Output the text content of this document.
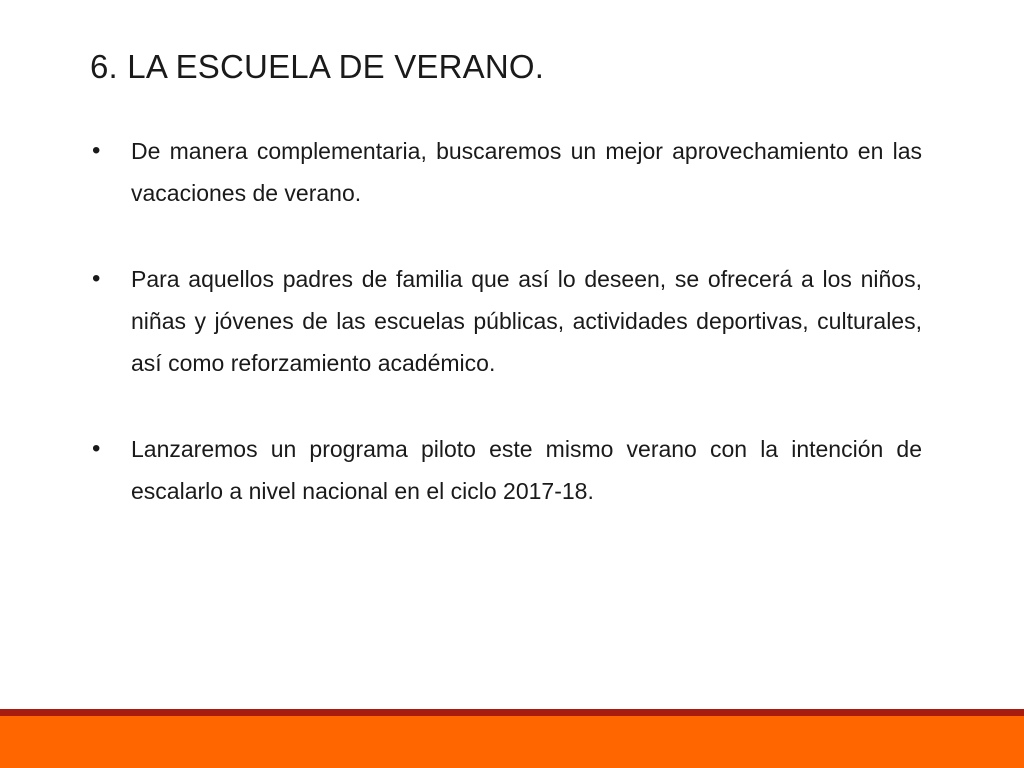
6. LA ESCUELA DE VERANO.
•	De manera complementaria, buscaremos un mejor aprovechamiento en las vacaciones de verano.

•	Para aquellos padres de familia que así lo deseen, se ofrecerá a los niños, niñas y jóvenes de las escuelas públicas, actividades deportivas, culturales, así como reforzamiento académico.

•	Lanzaremos un programa piloto este mismo verano con la intención de escalarlo a nivel nacional en el ciclo 2017-18.
